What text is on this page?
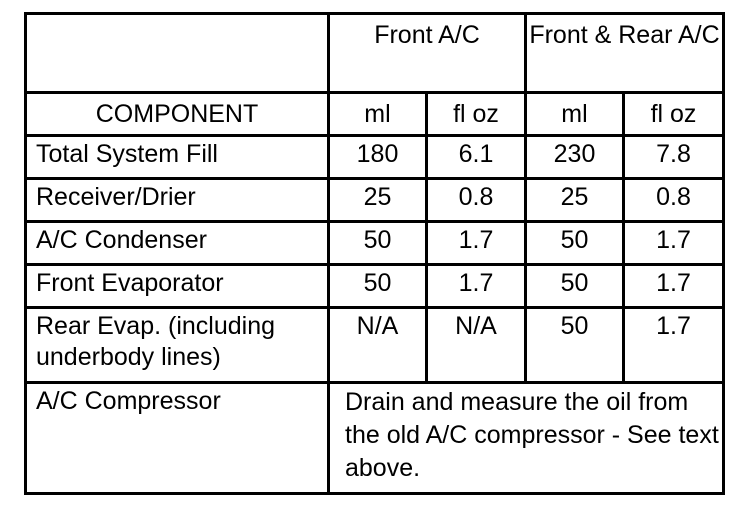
	Front A/C		Front & Rear A/C	
COMPONENT	ml	fl oz	ml	fl oz
Total System Fill	180	6.1	230	7.8
Receiver/Drier	25	0.8	25	0.8
A/C Condenser	50	1.7	50	1.7
Front Evaporator	50	1.7	50	1.7
Rear Evap. (including underbody lines)	N/A	N/A	50	1.7
A/C Compressor	Drain and measure the oil from the old A/C compressor - See text above.			
